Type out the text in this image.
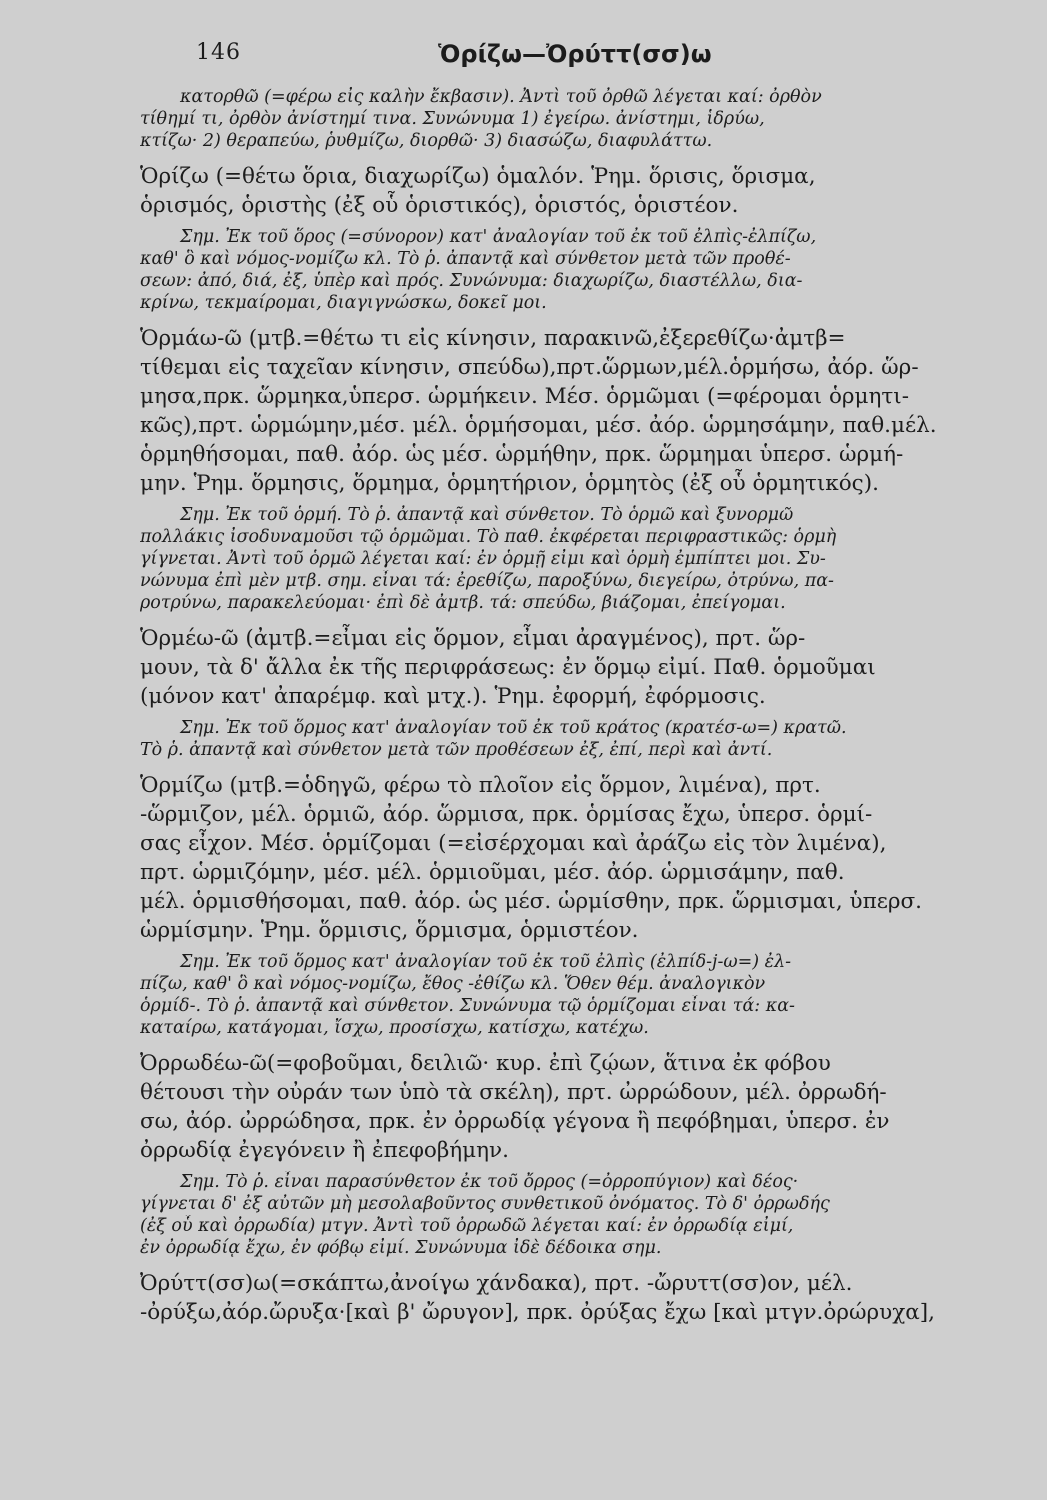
146	Ὁρίζω—Ὀρύττ(σσ)ω

κατορθῶ (=φέρω εἰς καλὴν ἔκβασιν). Ἀντὶ τοῦ ὀρθῶ λέγεται καί: ὀρθὸν

τίθημί τι, ὀρθὸν ἀνίστημί τινα. Συνώνυμα 1) ἐγείρω. ἀνίστημι, ἱδρύω,

κτίζω· 2) θεραπεύω, ῥυθμίζω, διορθῶ· 3) διασώζω, διαφυλάττω.

Ὁρίζω (=θέτω ὅρια, διαχωρίζω) ὁμαλόν. Ῥημ. ὅρισις, ὅρισμα,

ὁρισμός, ὁριστὴς (ἐξ οὗ ὁριστικός), ὁριστός, ὁριστέον.

Σημ. Ἐκ τοῦ ὅρος (=σύνορον) κατ' ἀναλογίαν τοῦ ἐκ τοῦ ἐλπὶς-ἐλπίζω,

καθ' ὃ καὶ νόμος-νομίζω κλ. Τὸ ῥ. ἀπαντᾷ καὶ σύνθετον μετὰ τῶν προθέ-

σεων: ἀπό, διά, ἐξ, ὑπὲρ καὶ πρός. Συνώνυμα: διαχωρίζω, διαστέλλω, δια-

κρίνω, τεκμαίρομαι, διαγιγνώσκω, δοκεῖ μοι.

Ὁρμάω-ῶ (μτβ.=θέτω τι εἰς κίνησιν, παρακινῶ,ἐξερεθίζω·ἀμτβ=

τίθεμαι εἰς ταχεῖαν κίνησιν, σπεύδω),πρτ.ὥρμων,μέλ.ὁρμήσω, ἀόρ. ὥρ-

μησα,πρκ. ὥρμηκα,ὑπερσ. ὡρμήκειν. Μέσ. ὁρμῶμαι (=φέρομαι ὁρμητι-

κῶς),πρτ. ὡρμώμην,μέσ. μέλ. ὁρμήσομαι, μέσ. ἀόρ. ὡρμησάμην, παθ.μέλ.

ὁρμηθήσομαι, παθ. ἀόρ. ὡς μέσ. ὡρμήθην, πρκ. ὥρμημαι ὑπερσ. ὡρμή-

μην. Ῥημ. ὅρμησις, ὅρμημα, ὁρμητήριον, ὁρμητὸς (ἐξ οὗ ὁρμητικός).

Σημ. Ἐκ τοῦ ὁρμή. Τὸ ῥ. ἀπαντᾷ καὶ σύνθετον. Τὸ ὁρμῶ καὶ ξυνορμῶ

πολλάκις ἰσοδυναμοῦσι τῷ ὁρμῶμαι. Τὸ παθ. ἐκφέρεται περιφραστικῶς: ὁρμὴ

γίγνεται. Ἀντὶ τοῦ ὁρμῶ λέγεται καί: ἐν ὁρμῇ εἰμι καὶ ὁρμὴ ἐμπίπτει μοι. Συ-

νώνυμα ἐπὶ μὲν μτβ. σημ. εἶναι τά: ἐρεθίζω, παροξύνω, διεγείρω, ὀτρύνω, πα-

ροτρύνω, παρακελεύομαι· ἐπὶ δὲ ἀμτβ. τά: σπεύδω, βιάζομαι, ἐπείγομαι.

Ὁρμέω-ῶ (ἀμτβ.=εἶμαι εἰς ὅρμον, εἶμαι ἀραγμένος), πρτ. ὥρ-

μουν, τὰ δ' ἄλλα ἐκ τῆς περιφράσεως: ἐν ὅρμῳ εἰμί. Παθ. ὁρμοῦμαι

(μόνον κατ' ἀπαρέμφ. καὶ μτχ.). Ῥημ. ἐφορμή, ἐφόρμοσις.

Σημ. Ἐκ τοῦ ὅρμος κατ' ἀναλογίαν τοῦ ἐκ τοῦ κράτος (κρατέσ-ω=) κρατῶ.

Τὸ ῥ. ἀπαντᾷ καὶ σύνθετον μετὰ τῶν προθέσεων ἐξ, ἐπί, περὶ καὶ ἀντί.

Ὁρμίζω (μτβ.=ὁδηγῶ, φέρω τὸ πλοῖον εἰς ὅρμον, λιμένα), πρτ.

-ὥρμιζον, μέλ. ὁρμιῶ, ἀόρ. ὥρμισα, πρκ. ὁρμίσας ἔχω, ὑπερσ. ὁρμί-

σας εἶχον. Μέσ. ὁρμίζομαι (=εἰσέρχομαι καὶ ἀράζω εἰς τὸν λιμένα),

πρτ. ὡρμιζόμην, μέσ. μέλ. ὁρμιοῦμαι, μέσ. ἀόρ. ὡρμισάμην, παθ.

μέλ. ὁρμισθήσομαι, παθ. ἀόρ. ὡς μέσ. ὡρμίσθην, πρκ. ὥρμισμαι, ὑπερσ.

ὡρμίσμην. Ῥημ. ὅρμισις, ὅρμισμα, ὁρμιστέον.

Σημ. Ἐκ τοῦ ὅρμος κατ' ἀναλογίαν τοῦ ἐκ τοῦ ἐλπὶς (ἐλπίδ-j-ω=) ἐλ-

πίζω, καθ' ὃ καὶ νόμος-νομίζω, ἔθος -ἐθίζω κλ. Ὅθεν θέμ. ἀναλογικὸν

ὁρμίδ-. Τὸ ῥ. ἀπαντᾷ καὶ σύνθετον. Συνώνυμα τῷ ὁρμίζομαι εἶναι τά: κα-

καταίρω, κατάγομαι, ἴσχω, προσίσχω, κατίσχω, κατέχω.

Ὀρρωδέω-ῶ(=φοβοῦμαι, δειλιῶ· κυρ. ἐπὶ ζῴων, ἅτινα ἐκ φόβου

θέτουσι τὴν οὐράν των ὑπὸ τὰ σκέλη), πρτ. ὠρρώδουν, μέλ. ὀρρωδή-

σω, ἀόρ. ὠρρώδησα, πρκ. ἐν ὀρρωδίᾳ γέγονα ἢ πεφόβημαι, ὑπερσ. ἐν

ὀρρωδίᾳ ἐγεγόνειν ἢ ἐπεφοβήμην.

Σημ. Τὸ ῥ. εἶναι παρασύνθετον ἐκ τοῦ ὄρρος (=ὀρροπύγιον) καὶ δέος·

γίγνεται δ' ἐξ αὐτῶν μὴ μεσολαβοῦντος συνθετικοῦ ὀνόματος. Τὸ δ' ὀρρωδής

(ἐξ οὗ καὶ ὀρρωδία) μτγν. Ἀντὶ τοῦ ὀρρωδῶ λέγεται καί: ἐν ὀρρωδίᾳ εἰμί,

ἐν ὀρρωδίᾳ ἔχω, ἐν φόβῳ εἰμί. Συνώνυμα ἰδὲ δέδοικα σημ.

Ὀρύττ(σσ)ω(=σκάπτω,ἀνοίγω χάνδακα), πρτ. -ὤρυττ(σσ)ον, μέλ.

-ὀρύξω,ἀόρ.ὤρυξα·[καὶ β' ὤρυγον], πρκ. ὀρύξας ἔχω [καὶ μτγν.ὀρώρυχα],
